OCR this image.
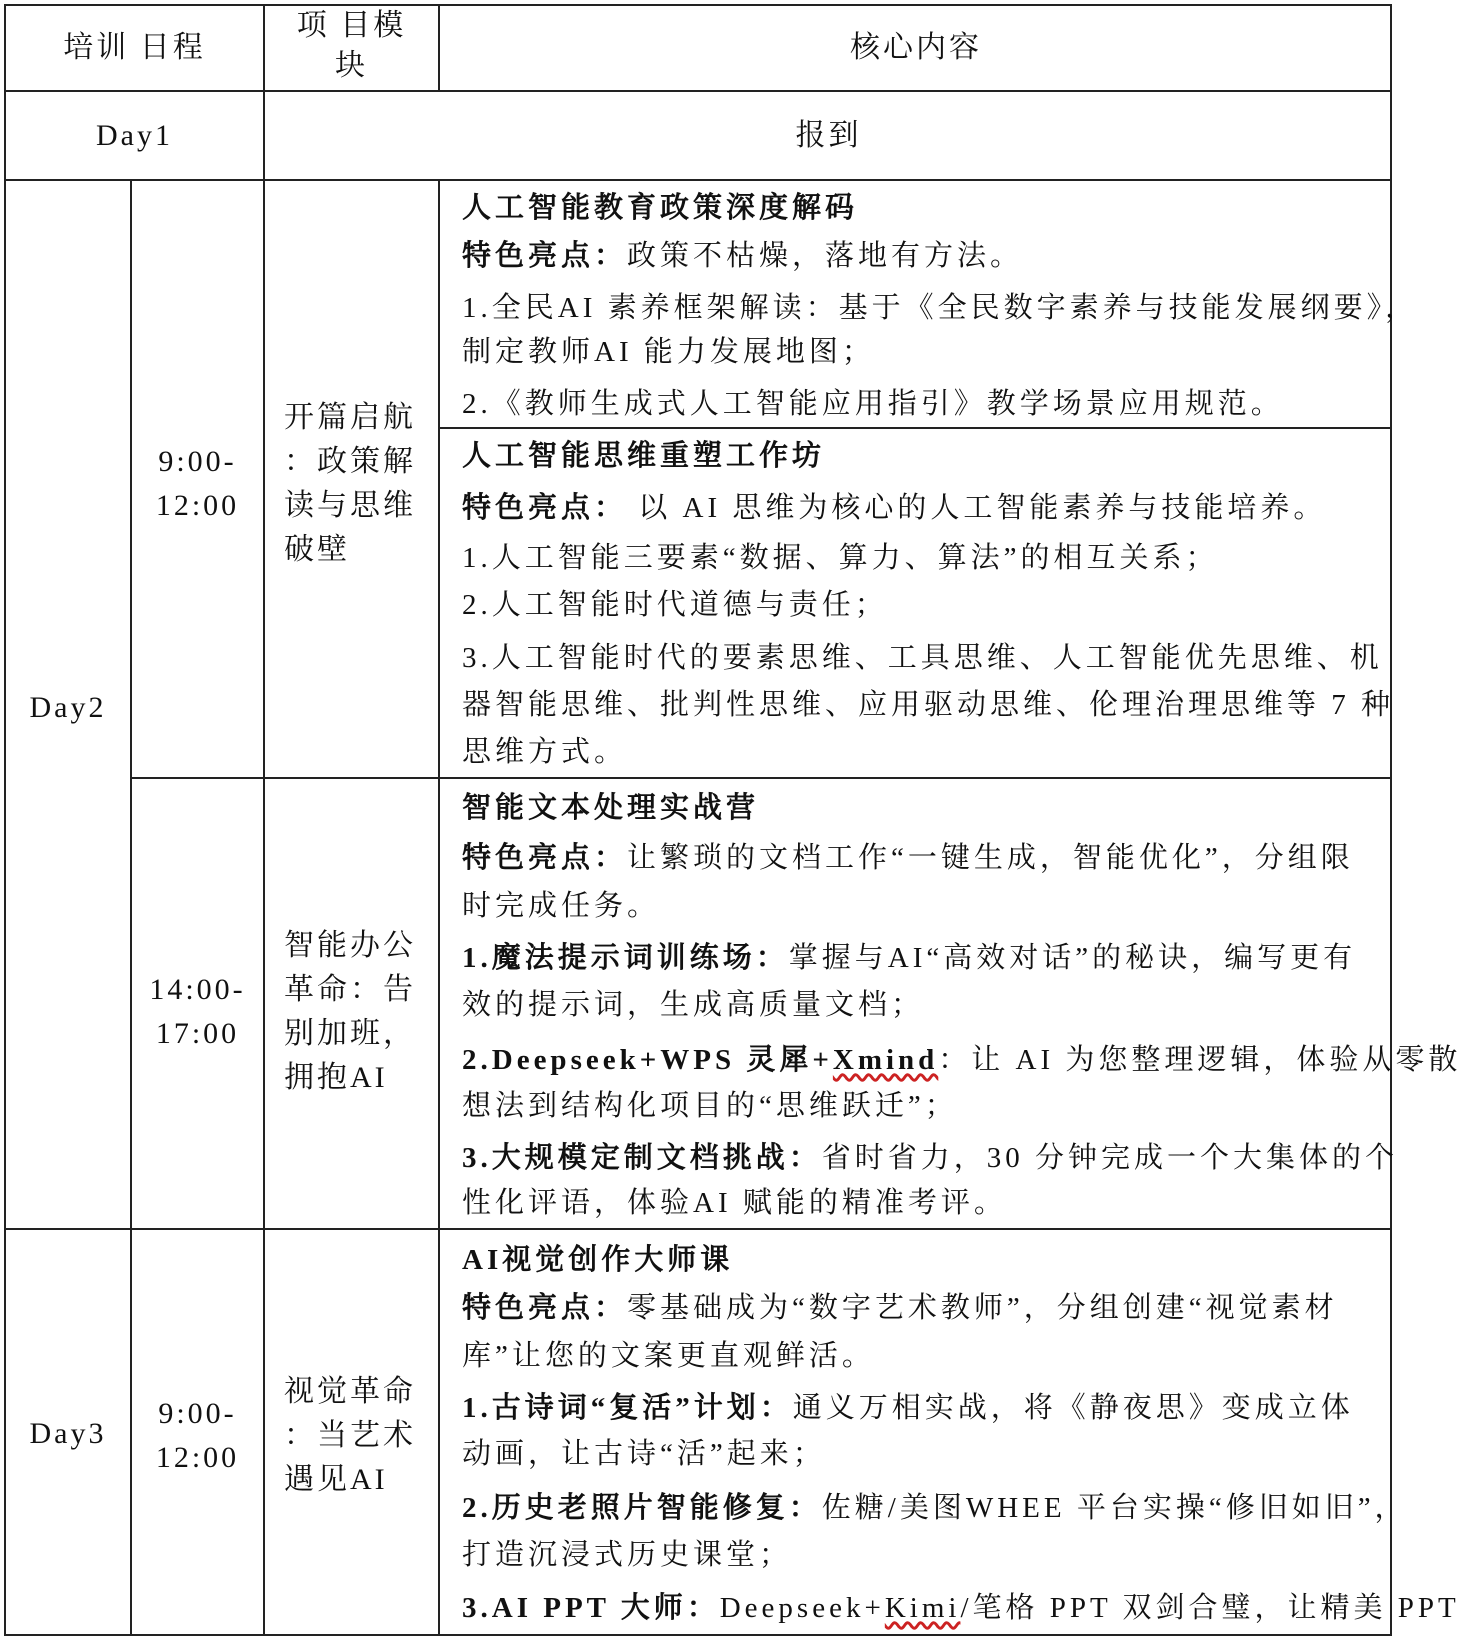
培训 日程
项 目模
块
核心内容
Day1	报到
Day2
9:00-
12:00
开篇启航
：政策解
读与思维
破壁
人工智能教育政策深度解码
特色亮点：政策不枯燥，落地有方法。
1.全民AI 素养框架解读：基于《全民数字素养与技能发展纲要》，
制定教师AI 能力发展地图；
2.《教师生成式人工智能应用指引》教学场景应用规范。
人工智能思维重塑工作坊
特色亮点： 以 AI 思维为核心的人工智能素养与技能培养。
1.人工智能三要素“数据、算力、算法”的相互关系；
2.人工智能时代道德与责任；
3.人工智能时代的要素思维、工具思维、人工智能优先思维、机
器智能思维、批判性思维、应用驱动思维、伦理治理思维等 7 种
思维方式。
14:00-
17:00
智能办公
革命：告
别加班，
拥抱AI
智能文本处理实战营
特色亮点：让繁琐的文档工作“一键生成，智能优化”，分组限
时完成任务。
1.魔法提示词训练场：掌握与AI“高效对话”的秘诀，编写更有
效的提示词，生成高质量文档；
2.Deepseek+WPS 灵犀+Xmind：让 AI 为您整理逻辑，体验从零散
想法到结构化项目的“思维跃迁”；
3.大规模定制文档挑战：省时省力，30 分钟完成一个大集体的个
性化评语，体验AI 赋能的精准考评。
Day3
9:00-
12:00
视觉革命
：当艺术
遇见AI
AI视觉创作大师课
特色亮点：零基础成为“数字艺术教师”，分组创建“视觉素材
库”让您的文案更直观鲜活。
1.古诗词“复活”计划：通义万相实战，将《静夜思》变成立体
动画，让古诗“活”起来；
2.历史老照片智能修复：佐糖/美图WHEE 平台实操“修旧如旧”，
打造沉浸式历史课堂；
3.AI PPT 大师：Deepseek+Kimi/笔格 PPT 双剑合璧，让精美 PPT
